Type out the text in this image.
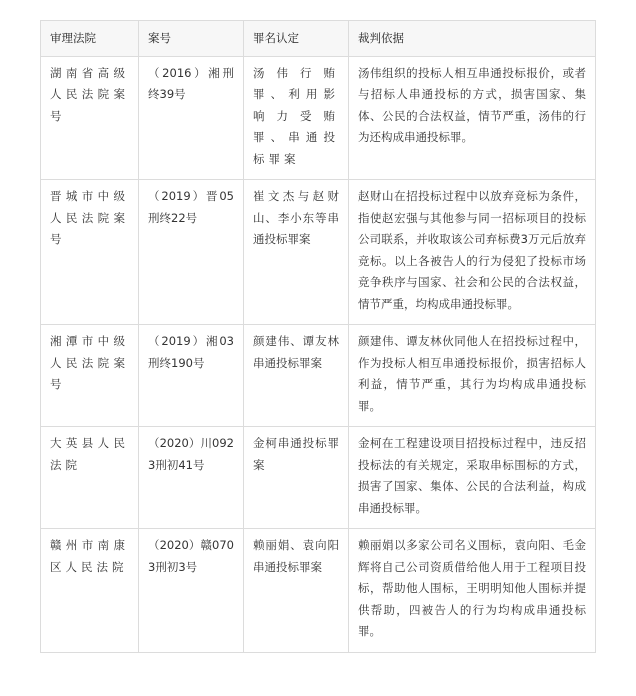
审理法院	案号	罪名认定	裁判依据
湖南省高级人民法院案号	（2016）湘刑终39号	汤伟行贿罪、利用影响力受贿罪、串通投标罪案	汤伟组织的投标人相互串通投标报价，或者与招标人串通投标的方式，损害国家、集体、公民的合法权益，情节严重，汤伟的行为还构成串通投标罪。
晋城市中级人民法院案号	（2019）晋05刑终22号	崔文杰与赵财山、李小东等串通投标罪案	赵财山在招投标过程中以放弃竞标为条件，指使赵宏强与其他参与同一招标项目的投标公司联系，并收取该公司弃标费3万元后放弃竞标。以上各被告人的行为侵犯了投标市场竞争秩序与国家、社会和公民的合法权益，情节严重，均构成串通投标罪。
湘潭市中级人民法院案号	（2019）湘03刑终190号	颜建伟、谭友林串通投标罪案	颜建伟、谭友林伙同他人在招投标过程中，作为投标人相互串通投标报价，损害招标人利益，情节严重，其行为均构成串通投标罪。
大英县人民法院	（2020）川0923刑初41号	金柯串通投标罪案	金柯在工程建设项目招投标过程中，违反招投标法的有关规定，采取串标围标的方式，损害了国家、集体、公民的合法利益，构成串通投标罪。
赣州市南康区人民法院	（2020）赣0703刑初3号	赖丽娟、袁向阳串通投标罪案	赖丽娟以多家公司名义围标，袁向阳、毛金辉将自己公司资质借给他人用于工程项目投标，帮助他人围标，王明明知他人围标并提供帮助，四被告人的行为均构成串通投标罪。
